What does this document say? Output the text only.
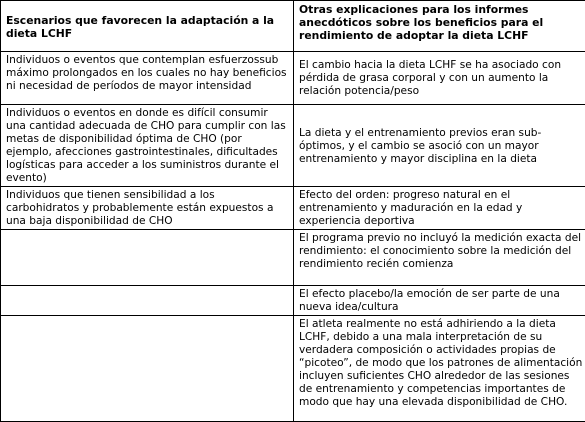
Escenarios que favorecen la adaptación a la dieta LCHF	Otras explicaciones para los informes anecdóticos sobre los beneficios para el rendimiento de adoptar la dieta LCHF
Individuos o eventos que contemplan esfuerzossub máximo prolongados en los cuales no hay beneficios ni necesidad de períodos de mayor intensidad	El cambio hacia la dieta LCHF se ha asociado con pérdida de grasa corporal y con un aumento la relación potencia/peso
Individuos o eventos en donde es difícil consumir una cantidad adecuada de CHO para cumplir con las metas de disponibilidad óptima de CHO (por ejemplo, afecciones gastrointestinales, dificultades logísticas para acceder a los suministros durante el evento)	La dieta y el entrenamiento previos eran sub-óptimos, y el cambio se asoció con un mayor entrenamiento y mayor disciplina en la dieta
Individuos que tienen sensibilidad a los carbohidratos y probablemente están expuestos a una baja disponibilidad de CHO	Efecto del orden: progreso natural en el entrenamiento y maduración en la edad y experiencia deportiva
	El programa previo no incluyó la medición exacta del rendimiento: el conocimiento sobre la medición del rendimiento recién comienza
	El efecto placebo/la emoción de ser parte de una nueva idea/cultura
	El atleta realmente no está adhiriendo a la dieta LCHF, debido a una mala interpretación de su verdadera composición o actividades propias de “picoteo”, de modo que los patrones de alimentación incluyen suficientes CHO alrededor de las sesiones de entrenamiento y competencias importantes de modo que hay una elevada disponibilidad de CHO.
